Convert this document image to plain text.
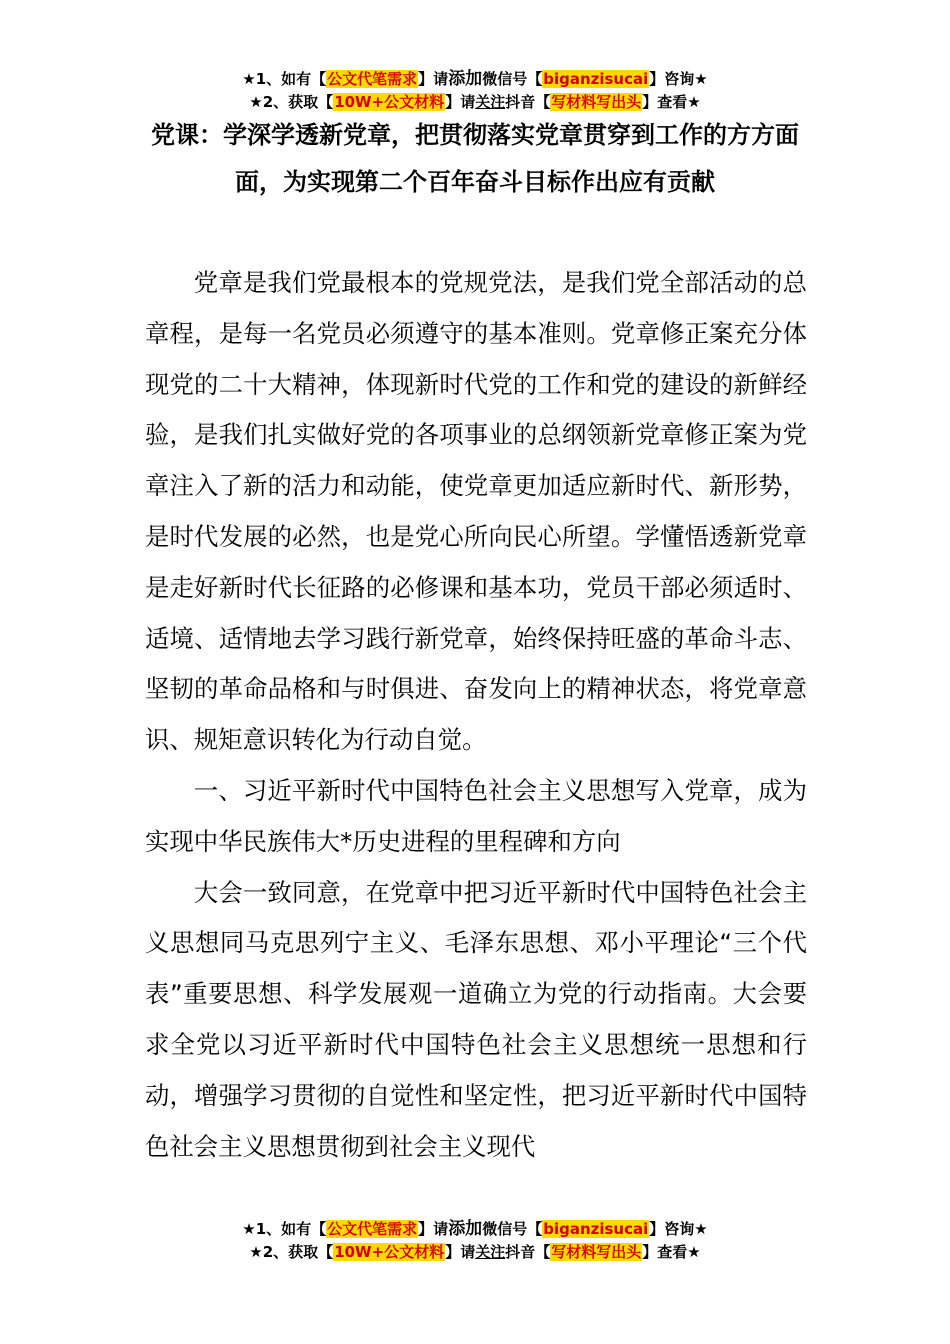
★1、如有【公文代笔需求】请添加微信号【biganzisucai】咨询★
★2、获取【10W+公文材料】请关注抖音【写材料写出头】查看★
党课：学深学透新党章，把贯彻落实党章贯穿到工作的方方面面，为实现第二个百年奋斗目标作出应有贡献

党章是我们党最根本的党规党法，是我们党全部活动的总章程，是每一名党员必须遵守的基本准则。党章修正案充分体现党的二十大精神，体现新时代党的工作和党的建设的新鲜经验，是我们扎实做好党的各项事业的总纲领新党章修正案为党章注入了新的活力和动能，使党章更加适应新时代、新形势，是时代发展的必然，也是党心所向民心所望。学懂悟透新党章是走好新时代长征路的必修课和基本功，党员干部必须适时、适境、适情地去学习践行新党章，始终保持旺盛的革命斗志、坚韧的革命品格和与时俱进、奋发向上的精神状态，将党章意识、规矩意识转化为行动自觉。

一、习近平新时代中国特色社会主义思想写入党章，成为实现中华民族伟大*历史进程的里程碑和方向

大会一致同意，在党章中把习近平新时代中国特色社会主义思想同马克思列宁主义、毛泽东思想、邓小平理论“三个代表”重要思想、科学发展观一道确立为党的行动指南。大会要求全党以习近平新时代中国特色社会主义思想统一思想和行动，增强学习贯彻的自觉性和坚定性，把习近平新时代中国特色社会主义思想贯彻到社会主义现代

★1、如有【公文代笔需求】请添加微信号【biganzisucai】咨询★
★2、获取【10W+公文材料】请关注抖音【写材料写出头】查看★
